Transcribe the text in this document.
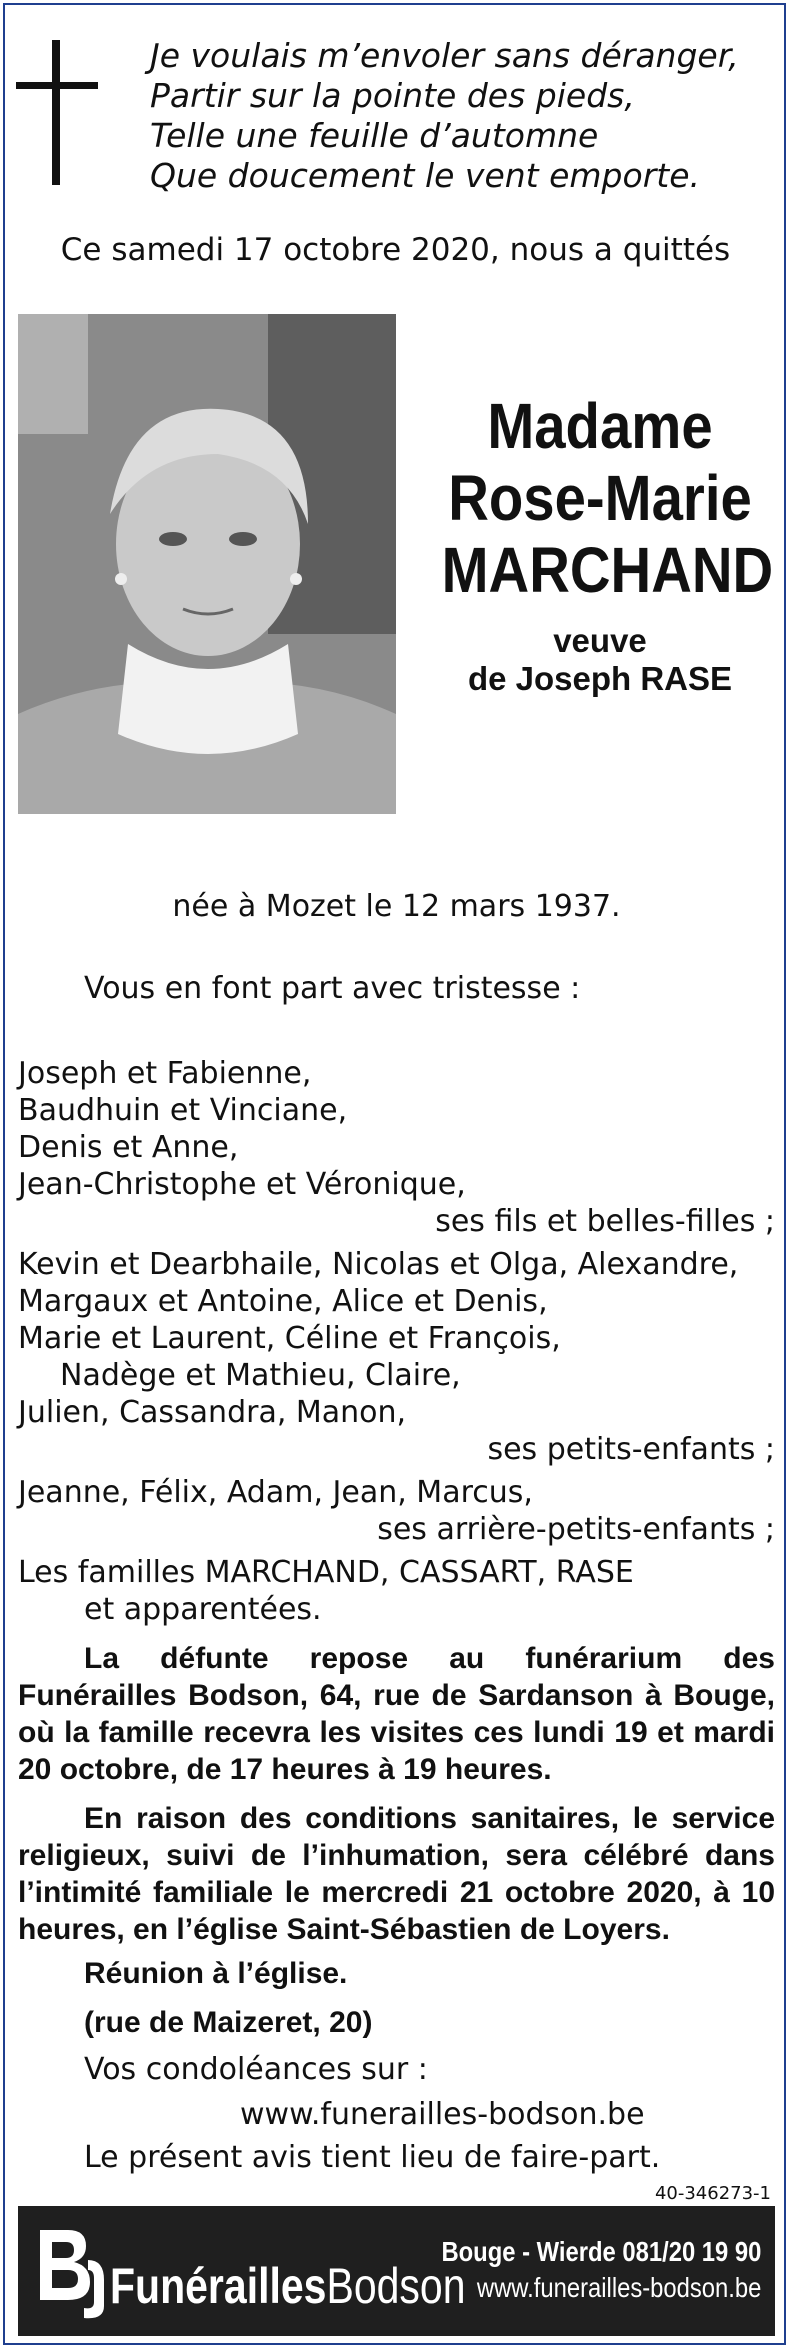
Je voulais m’envoler sans déranger,
Partir sur la pointe des pieds,
Telle une feuille d’automne
Que doucement le vent emporte.
Ce samedi 17 octobre 2020, nous a quittés
Madame
Rose-Marie
MARCHAND
veuve
de Joseph RASE
née à Mozet le 12 mars 1937.
Vous en font part avec tristesse :
Joseph et Fabienne,
Baudhuin et Vinciane,
Denis et Anne,
Jean-Christophe et Véronique,
ses fils et belles-filles ;
Kevin et Dearbhaile, Nicolas et Olga, Alexandre,
Margaux et Antoine, Alice et Denis,
Marie et Laurent, Céline et François,
Nadège et Mathieu, Claire,
Julien, Cassandra, Manon,
ses petits-enfants ;
Jeanne, Félix, Adam, Jean, Marcus,
ses arrière-petits-enfants ;
Les familles MARCHAND, CASSART, RASE
et apparentées.
La défunte repose au funérarium des Funérailles Bodson, 64, rue de Sardanson à Bouge, où la famille recevra les visites ces lundi 19 et mardi 20 octobre, de 17 heures à 19 heures.
En raison des conditions sanitaires, le service religieux, suivi de l’inhumation, sera célébré dans l’intimité familiale le mercredi 21 octobre 2020, à 10 heures, en l’église Saint-Sébastien de Loyers.
Réunion à l’église.
(rue de Maizeret, 20)
Vos condoléances sur :
www.funerailles-bodson.be
Le présent avis tient lieu de faire-part.
40-346273-1
FunéraillesBodson
Bouge - Wierde 081/20 19 90
www.funerailles-bodson.be
